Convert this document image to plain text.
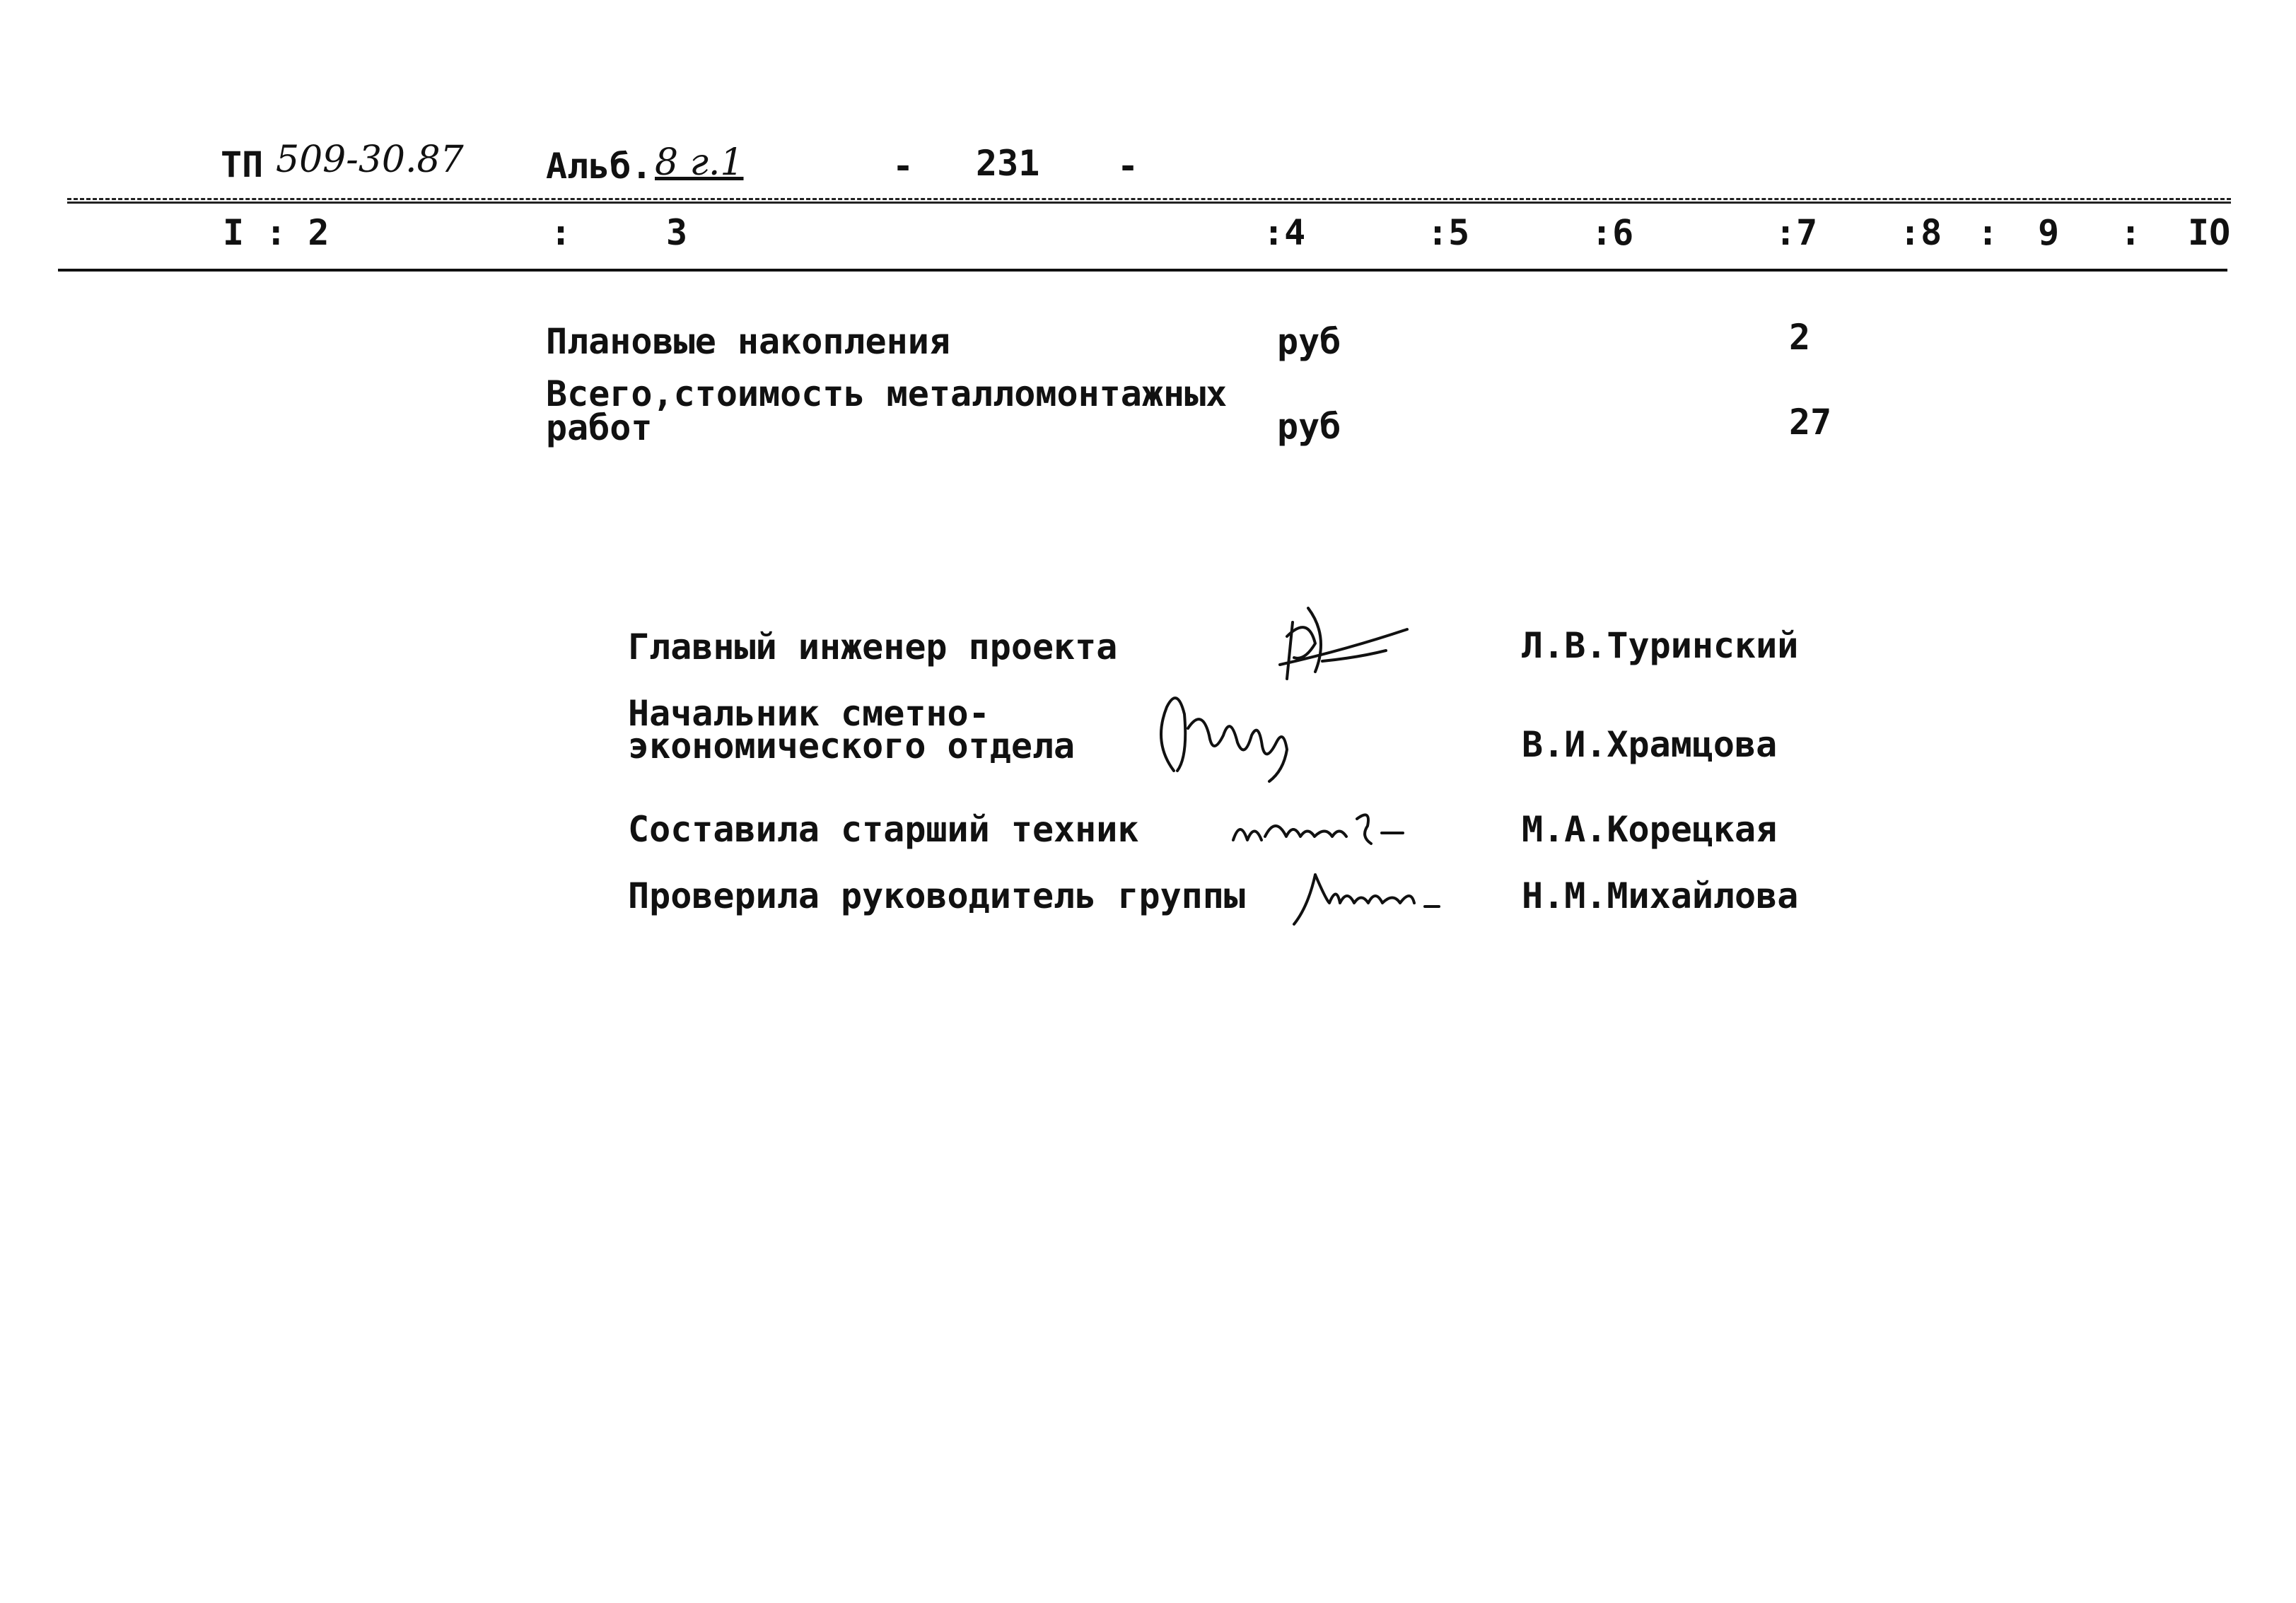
ТП 509-30.87 Альб. 8 г.1	- 231 -
I : 2	:	3	:4	:5	:6	:7 :8 : 9 : IO
Плановые накопления	руб	2
Всего,стоимость металломонтажных
работ	руб	27
Главный инженер проекта	Л.В.Туринский
Начальник сметно-
экономического отдела	В.И.Храмцова
Составила старший техник	М.А.Корецкая
Проверила руководитель группы	Н.М.Михайлова
